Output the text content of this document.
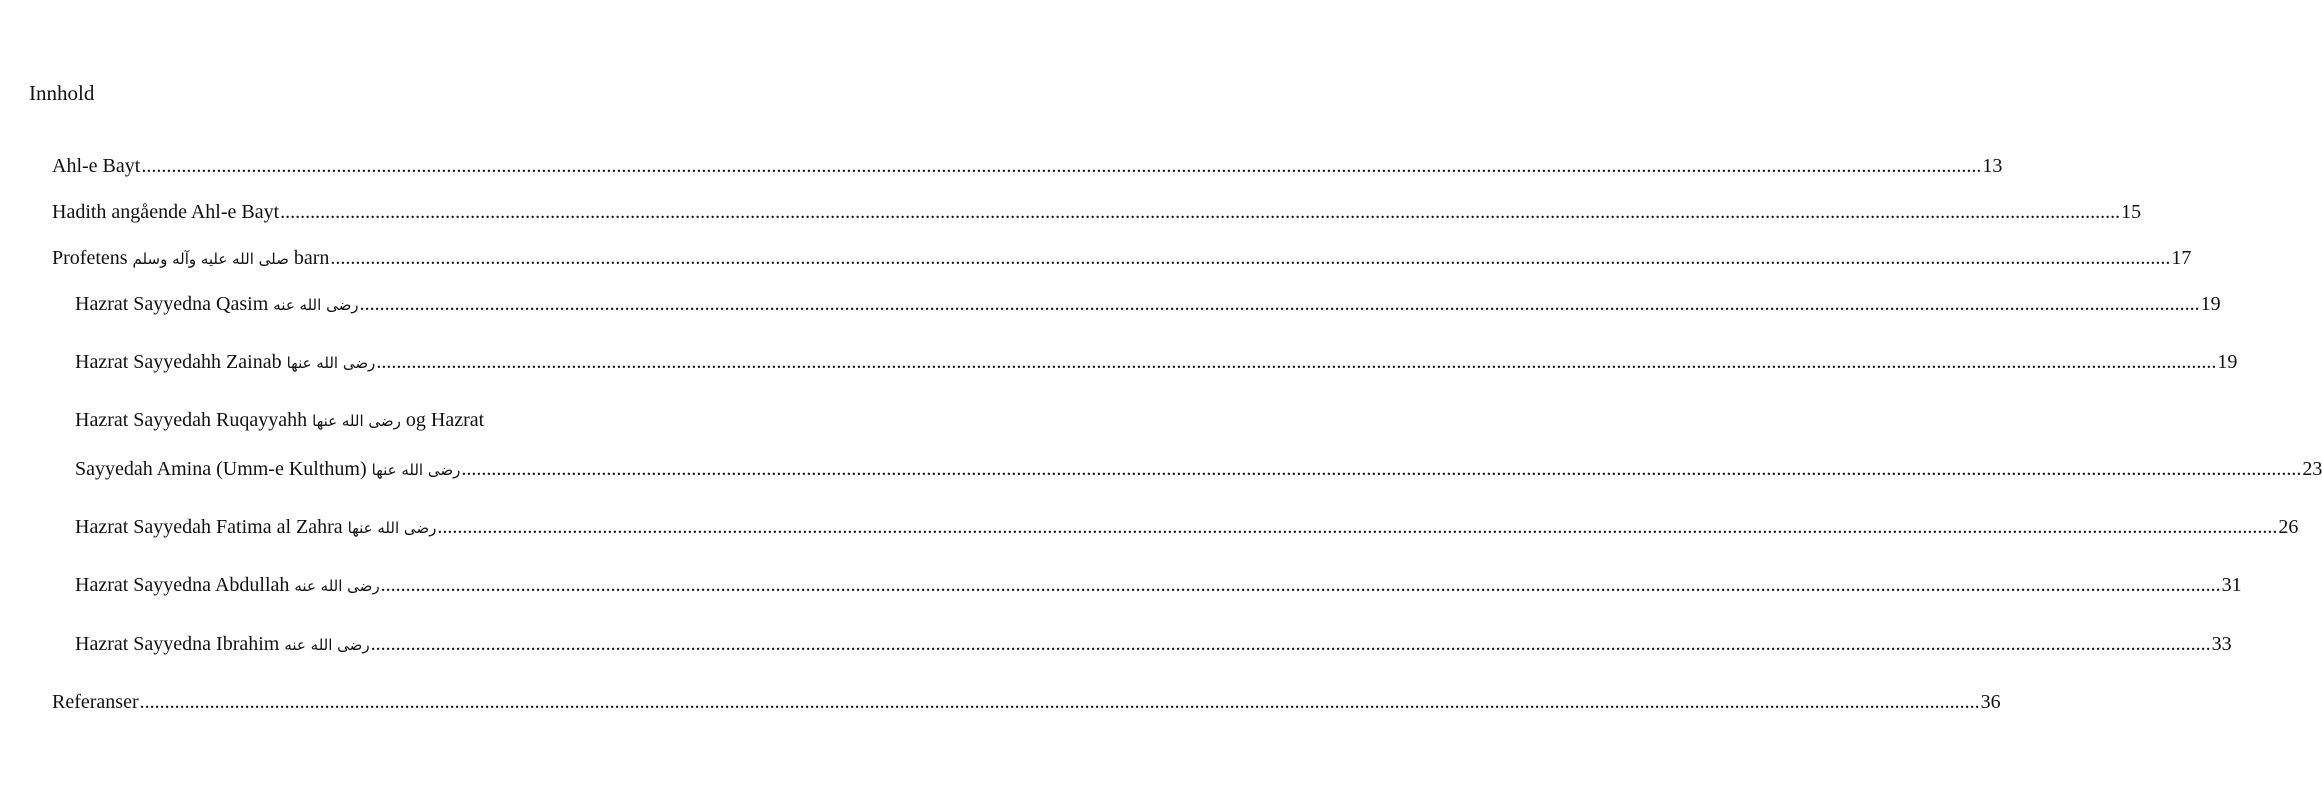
Innhold
Ahl-e Bayt ................................................................................................................................................................................................................................................................................................................................................................................ 13
Hadith angående Ahl-e Bayt ................................................................................................................................................................................................................................................................................................................................................................................ 15
Profetens صلى الله عليه وآله وسلم barn ................................................................................................................................................................................................................................................................................................................................................................................ 17
Hazrat Sayyedna Qasim رضی الله عنه ................................................................................................................................................................................................................................................................................................................................................................................ 19
Hazrat Sayyedahh Zainab رضی الله عنها ................................................................................................................................................................................................................................................................................................................................................................................ 19
Hazrat Sayyedah Ruqayyahh رضی الله عنها og Hazrat
Sayyedah Amina (Umm-e Kulthum) رضی الله عنها ................................................................................................................................................................................................................................................................................................................................................................................ 23
Hazrat Sayyedah Fatima al Zahra رضی الله عنها ................................................................................................................................................................................................................................................................................................................................................................................ 26
Hazrat Sayyedna Abdullah رضی الله عنه ................................................................................................................................................................................................................................................................................................................................................................................ 31
Hazrat Sayyedna Ibrahim رضی الله عنه ................................................................................................................................................................................................................................................................................................................................................................................ 33
Referanser ................................................................................................................................................................................................................................................................................................................................................................................ 36
